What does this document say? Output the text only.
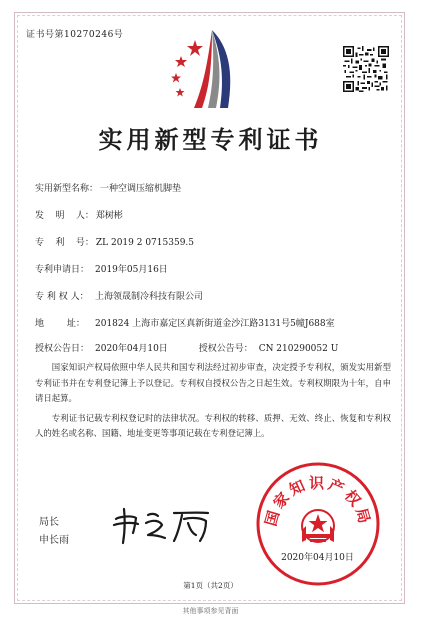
证书号第10270246号
实用新型专利证书
实用新型名称： 一种空调压缩机脚垫
发    明    人： 郑树彬
专    利    号： ZL 2019 2 0715359.5
专利申请日： 2019年05月16日
专 利 权 人： 上海领晟制冷科技有限公司
地        址： 201824 上海市嘉定区真新街道金沙江路3131号5幢J688室
授权公告日： 2020年04月10日	授权公告号： CN 210290052 U

国家知识产权局依照中华人民共和国专利法经过初步审查，决定授予专利权，颁发实用新型专利证书并在专利登记簿上予以登记。专利权自授权公告之日起生效。专利权期限为十年，自申请日起算。

专利证书记载专利权登记时的法律状况。专利权的转移、质押、无效、终止、恢复和专利权人的姓名或名称、国籍、地址变更等事项记载在专利登记簿上。

局长
申长雨
国家知识产权局
2020年04月10日
第1页（共2页）
其他事项参见背面
